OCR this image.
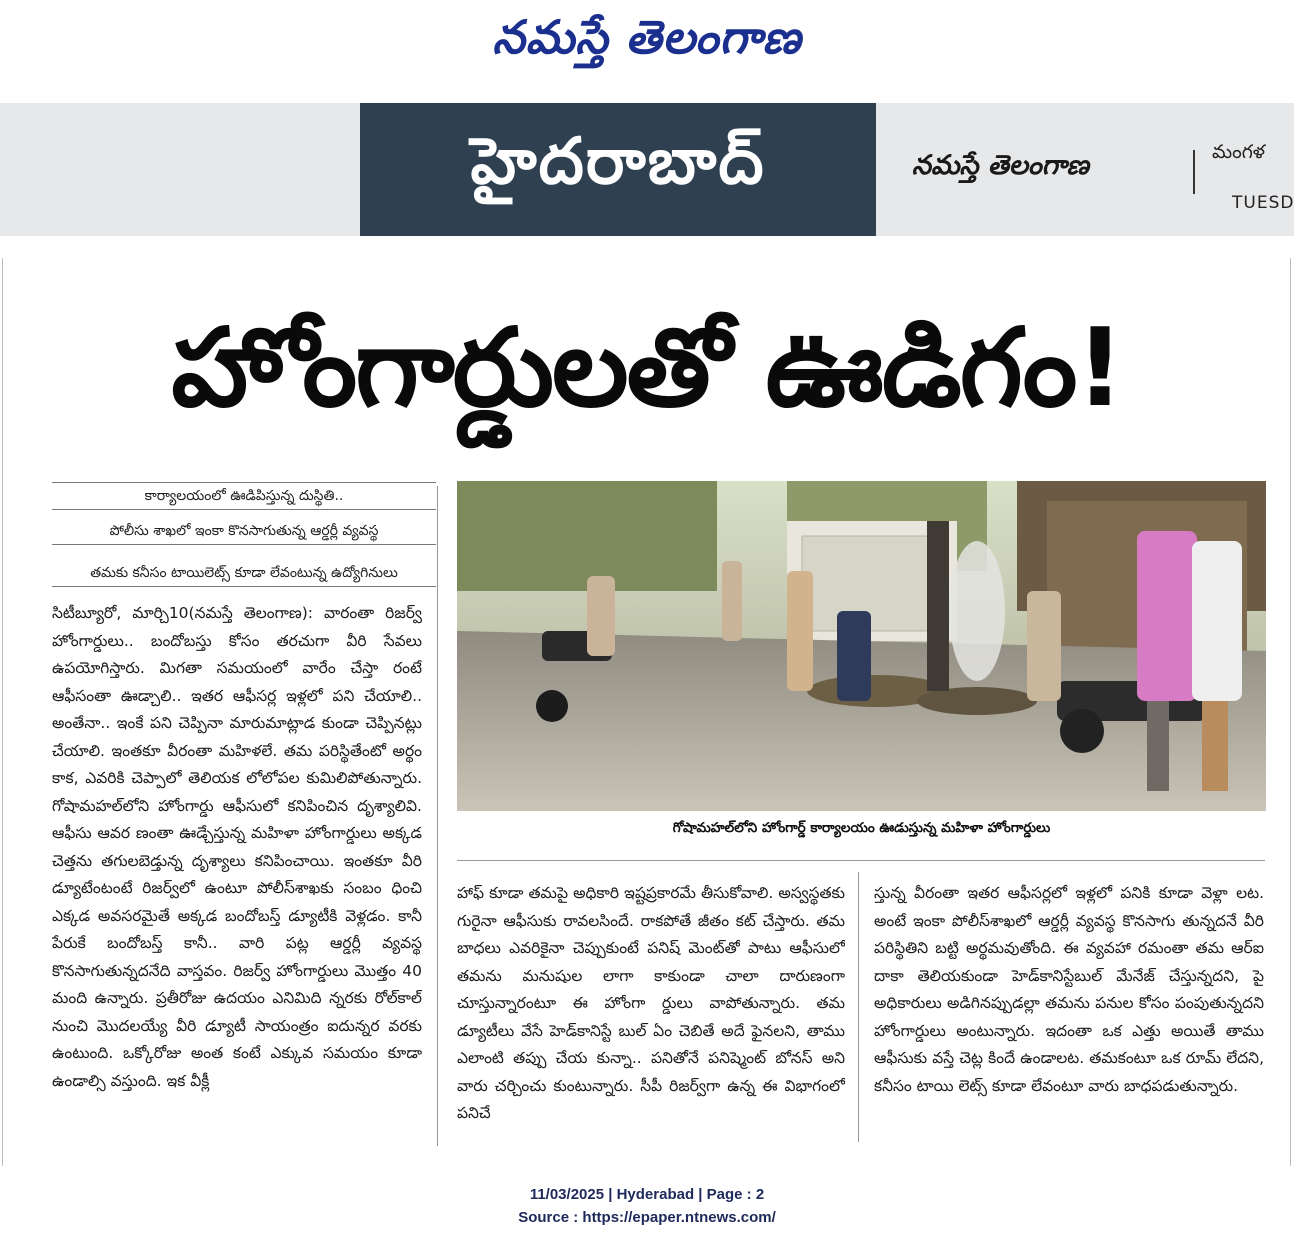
నమస్తే తెలంగాణ
హైదరాబాద్	నమస్తే తెలంగాణ	మంగళ
TUESD
హోంగార్డులతో ఊడిగం!
కార్యాలయంలో ఊడిపిస్తున్న దుస్థితి..
పోలీసు శాఖలో ఇంకా కొనసాగుతున్న ఆర్డర్లీ వ్యవస్థ
తమకు కనీసం టాయిలెట్స్ కూడా లేవంటున్న ఉద్యోగినులు
గోషామహల్‌లోని హోంగార్డ్ కార్యాలయం ఊడుస్తున్న మహిళా హోంగార్డులు
సిటీబ్యూరో, మార్చి10(నమస్తే తెలంగాణ): వారంతా రిజర్వ్ హోంగార్డులు.. బందోబస్తు కోసం తరచుగా వీరి సేవలు ఉపయోగిస్తారు. మిగతా సమయంలో వారేం చేస్తా రంటే ఆఫీసంతా ఊడ్చాలి.. ఇతర ఆఫీసర్ల ఇళ్లలో పని చేయాలి.. అంతేనా.. ఇంకే పని చెప్పినా మారుమాట్లాడ కుండా చెప్పినట్లు చేయాలి. ఇంతకూ వీరంతా మహిళలే. తమ పరిస్థితేంటో అర్థం కాక, ఎవరికి చెప్పాలో తెలియక లోలోపల కుమిలిపోతున్నారు. గోషామహల్‌లోని హోంగార్డు ఆఫీసులో కనిపించిన దృశ్యాలివి. ఆఫీసు ఆవర ణంతా ఊడ్చేస్తున్న మహిళా హోంగార్డులు అక్కడ చెత్తను తగులబెడ్తున్న దృశ్యాలు కనిపించాయి. ఇంతకూ వీరి డ్యూటేంటంటే రిజర్వ్‌లో ఉంటూ పోలీస్‌శాఖకు సంబం ధించి ఎక్కడ అవసరమైతే అక్కడ బందోబస్త్ డ్యూటీకి వెళ్లడం. కానీ పేరుకే బందోబస్త్ కానీ.. వారి పట్ల ఆర్డర్లీ వ్యవస్థ కొనసాగుతున్నదనేది వాస్తవం. రిజర్వ్ హోంగార్డులు మొత్తం 40 మంది ఉన్నారు. ప్రతీరోజు ఉదయం ఎనిమిది న్నరకు రోల్‌కాల్ నుంచి మొదలయ్యే వీరి డ్యూటీ సాయంత్రం ఐదున్నర వరకు ఉంటుంది. ఒక్కోరోజు అంత కంటే ఎక్కువ సమయం కూడా ఉండాల్సి వస్తుంది. ఇక వీక్లీ
హాఫ్ కూడా తమపై అధికారి ఇష్టప్రకారమే తీసుకోవాలి. అస్వస్థతకు గురైనా ఆఫీసుకు రావలసిందే. రాకపోతే జీతం కట్ చేస్తారు. తమ బాధలు ఎవరికైనా చెప్పుకుంటే పనిష్ మెంట్‌తో పాటు ఆఫీసులో తమను మనుషుల లాగా కాకుండా చాలా దారుణంగా చూస్తున్నారంటూ ఈ హోంగా ర్డులు వాపోతున్నారు. తమ డ్యూటీలు వేసే హెడ్‌కానిస్టే బుల్ ఏం చెబితే అదే ఫైనలని, తాము ఎలాంటి తప్పు చేయ కున్నా.. పనితోనే పనిష్మెంట్ బోనస్ అని వారు చర్చించు కుంటున్నారు. సీపీ రిజర్వ్‌గా ఉన్న ఈ విభాగంలో పనిచే
స్తున్న వీరంతా ఇతర ఆఫీసర్లలో ఇళ్లలో పనికి కూడా వెళ్లా లట. అంటే ఇంకా పోలీస్‌శాఖలో ఆర్డర్లీ వ్యవస్థ కొనసాగు తున్నదనే వీరి పరిస్థితిని బట్టి అర్థమవుతోంది. ఈ వ్యవహా రమంతా తమ ఆర్‌ఐ దాకా తెలియకుండా హెడ్‌కానిస్టేబుల్ మేనేజ్ చేస్తున్నదని, పై అధికారులు అడిగినప్పుడల్లా తమను పనుల కోసం పంపుతున్నదని హోంగార్డులు అంటున్నారు. ఇదంతా ఒక ఎత్తు అయితే తాము ఆఫీసుకు వస్తే చెట్ల కిందే ఉండాలట. తమకంటూ ఒక రూమ్ లేదని, కనీసం టాయి లెట్స్ కూడా లేవంటూ వారు బాధపడుతున్నారు.
11/03/2025 | Hyderabad | Page : 2
Source : https://epaper.ntnews.com/
